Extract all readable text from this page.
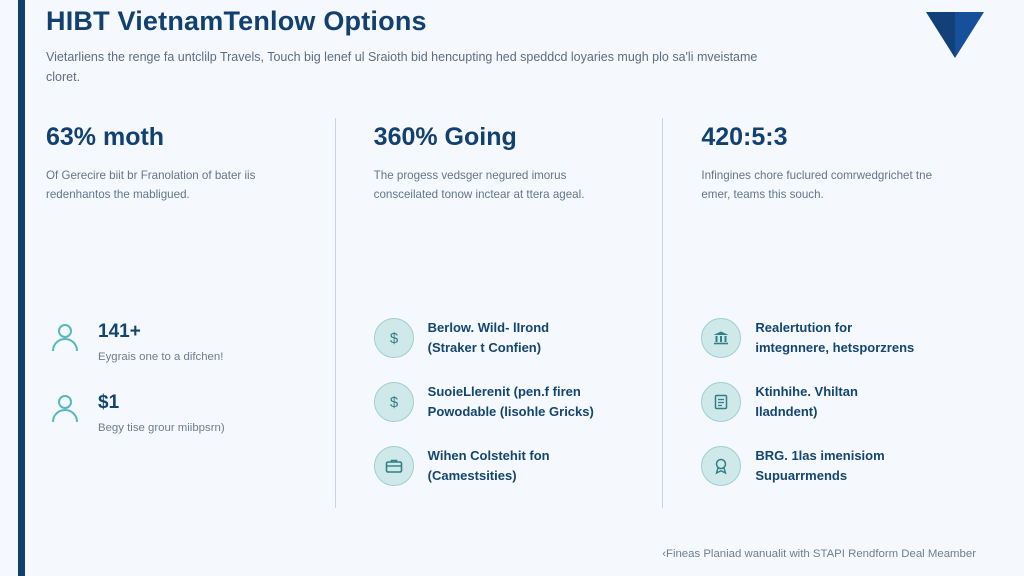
HIBT VietnamTenlow Options

Vietarliens the renge fa untclilp Travels, Touch big lenef ul Sraioth bid hencupting hed speddcd loyaries mugh plo sa'li mveistame cloret.

63% moth

Of Gerecire biit br Franolation of bater iis redenhantos the mabligued.

141+

Eygrais one to a difchen!

$1

Begy tise grour miibpsrn)

360% Going

The progess vedsger negured imorus consceilated tonow inctear at ttera ageal.

$

Berlow. Wild- lIrond

(Straker t Confien)

$

SuoieLlerenit (pen.f firen

Powodable (lisohle Gricks)

Wihen Colstehit fon

(Camestsities)

420:5:3

Infingines chore fuclured comrwedgrichet tne emer, teams this souch.

Realertution for

imtegnnere, hetsporzrens

Ktinhihe. Vhiltan

Iladndent)

BRG. 1las imenisiom

Supuarrmends

‹Fineas Planiad wanualit with STAPI Rendform Deal Meamber
